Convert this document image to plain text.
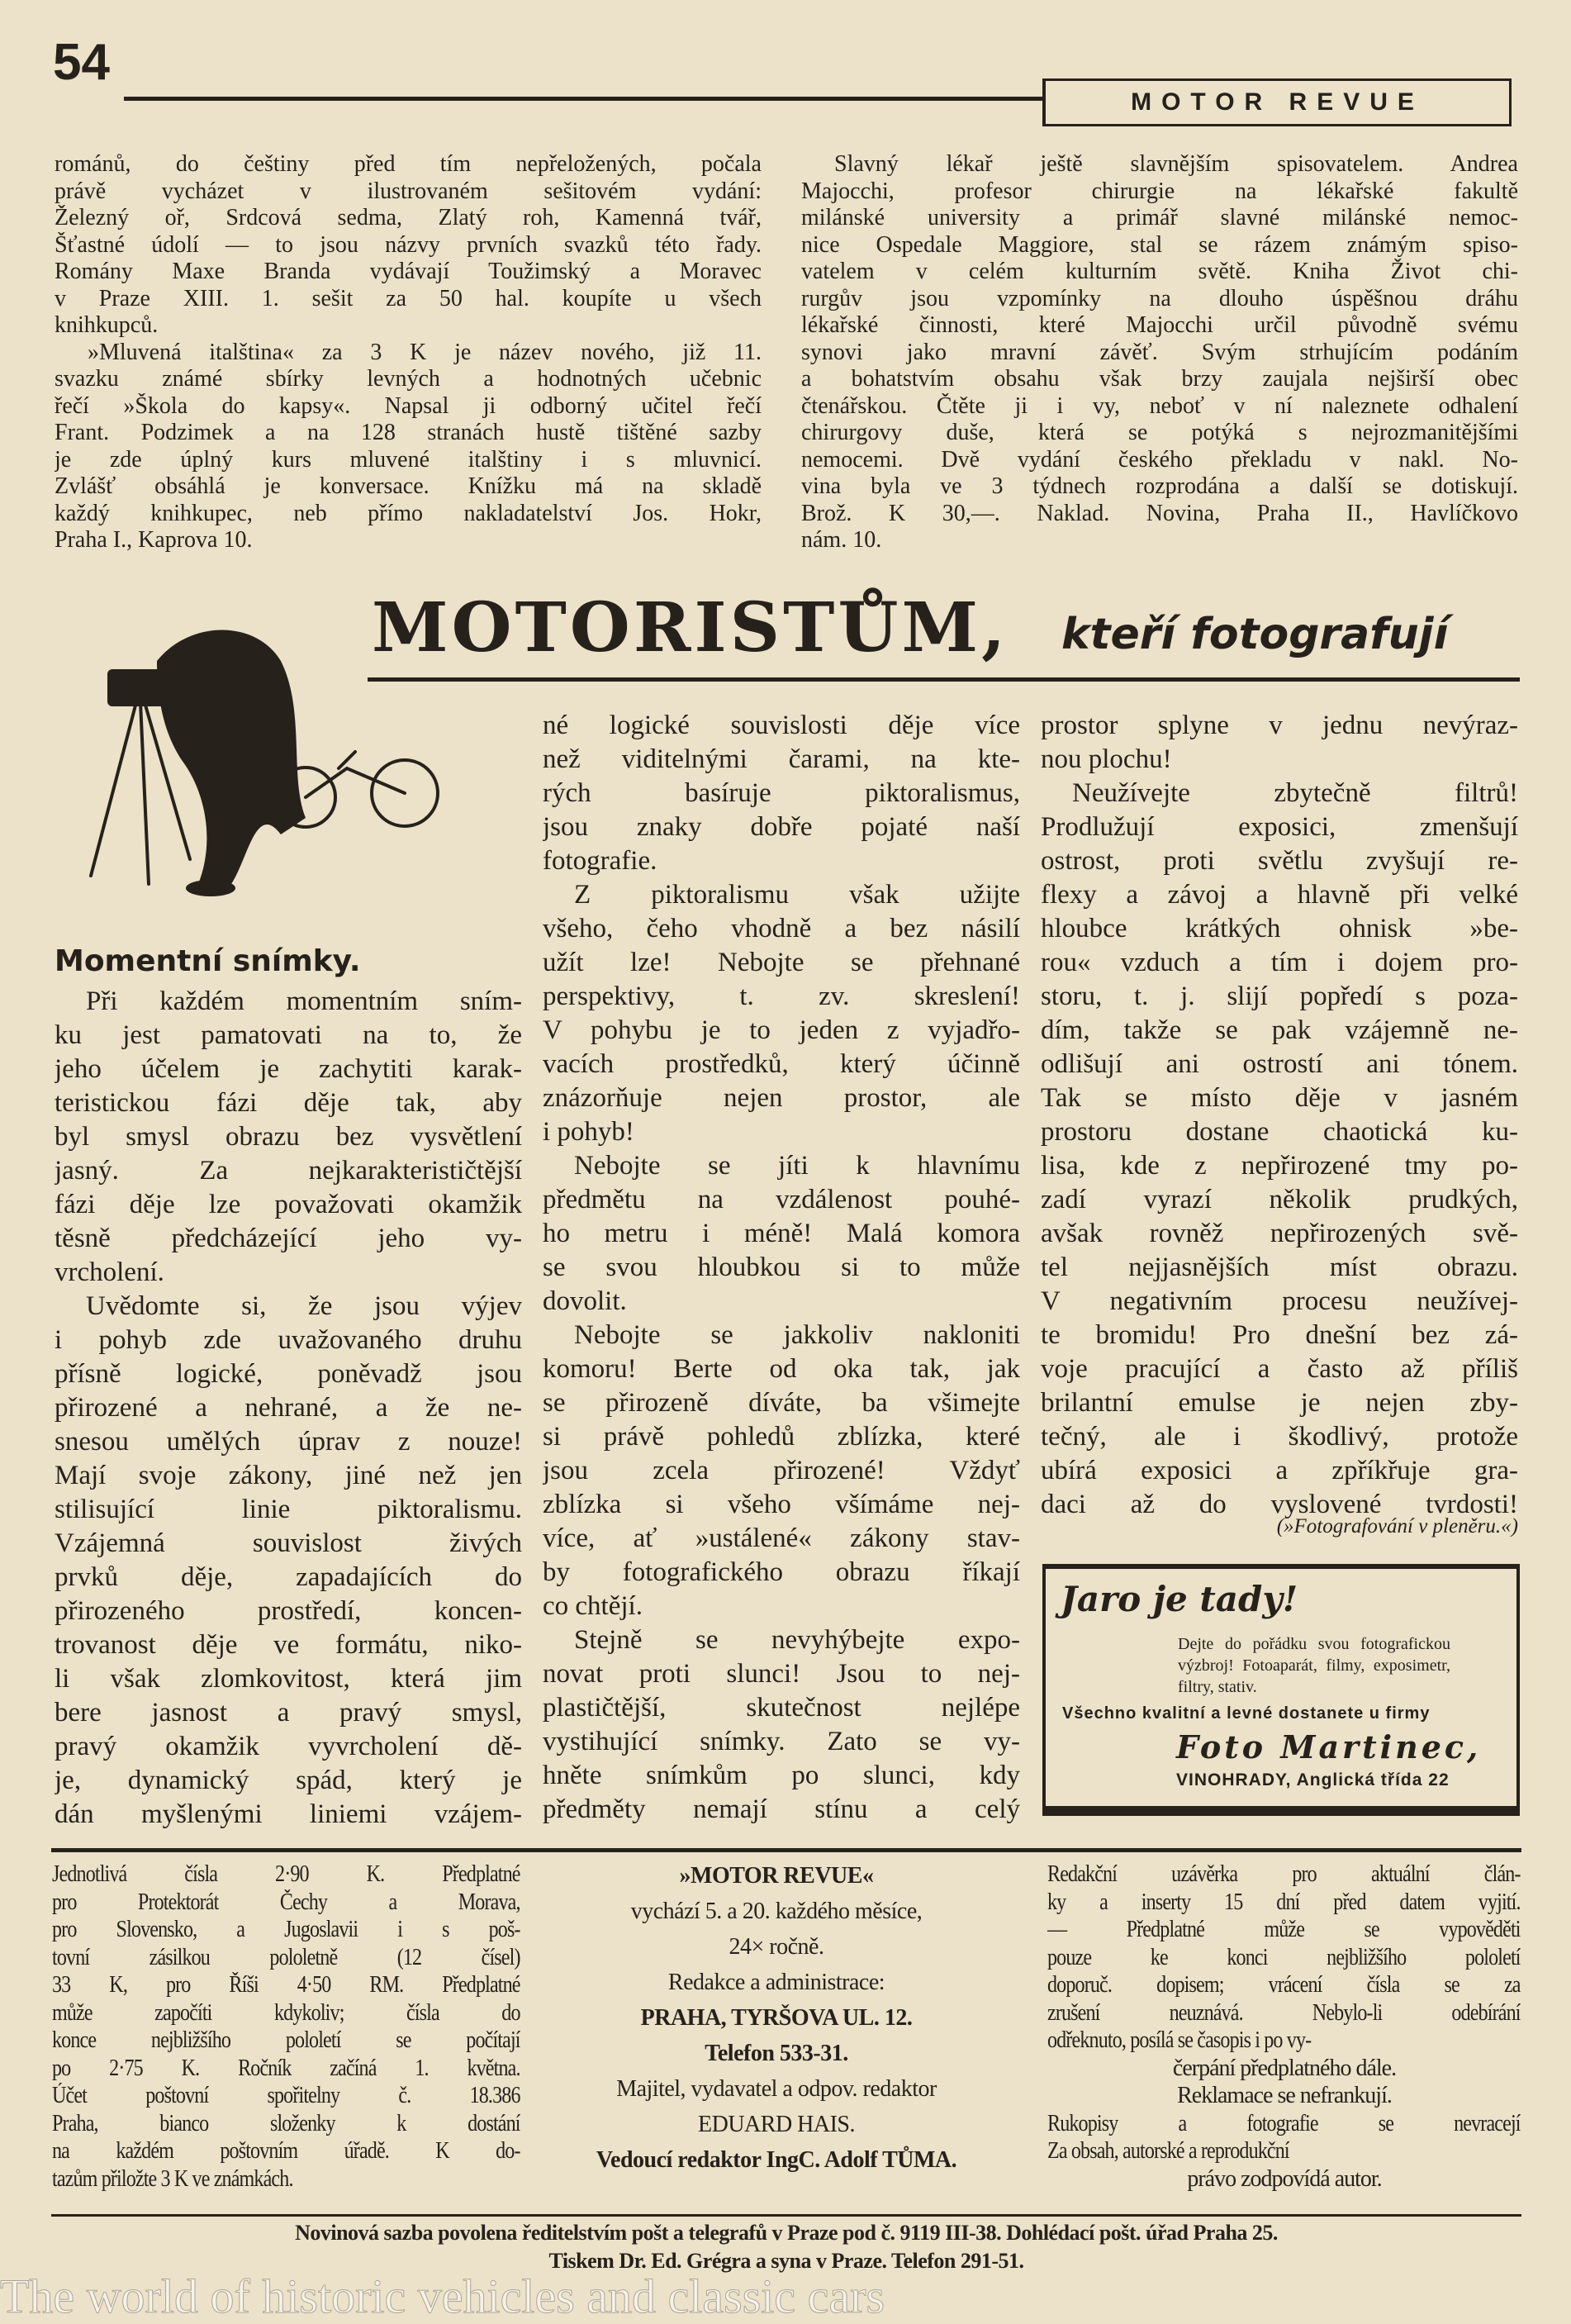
54
MOTOR REVUE
románů, do češtiny před tím nepřeložených, počala
právě vycházet v ilustrovaném sešitovém vydání:
Železný oř, Srdcová sedma, Zlatý roh, Kamenná tvář,
Šťastné údolí — to jsou názvy prvních svazků této řady.
Romány Maxe Branda vydávají Toužimský a Moravec
v Praze XIII. 1. sešit za 50 hal. koupíte u všech
knihkupců.
»Mluvená italština« za 3 K je název nového, již 11.
svazku známé sbírky levných a hodnotných učebnic
řečí »Škola do kapsy«. Napsal ji odborný učitel řečí
Frant. Podzimek a na 128 stranách hustě tištěné sazby
je zde úplný kurs mluvené italštiny i s mluvnicí.
Zvlášť obsáhlá je konversace. Knížku má na skladě
každý knihkupec, neb přímo nakladatelství Jos. Hokr,
Praha I., Kaprova 10.
Slavný lékař ještě slavnějším spisovatelem. Andrea
Majocchi, profesor chirurgie na lékařské fakultě
milánské university a primář slavné milánské nemoc-
nice Ospedale Maggiore, stal se rázem známým spiso-
vatelem v celém kulturním světě. Kniha Život chi-
rurgův jsou vzpomínky na dlouho úspěšnou dráhu
lékařské činnosti, které Majocchi určil původně svému
synovi jako mravní závěť. Svým strhujícím podáním
a bohatstvím obsahu však brzy zaujala nejširší obec
čtenářskou. Čtěte ji i vy, neboť v ní naleznete odhalení
chirurgovy duše, která se potýká s nejrozmanitějšími
nemocemi. Dvě vydání českého překladu v nakl. No-
vina byla ve 3 týdnech rozprodána a další se dotiskují.
Brož. K 30,—. Naklad. Novina, Praha II., Havlíčkovo
nám. 10.
MOTORISTŮM, kteří fotografují
Momentní snímky.
Při každém momentním sním-
ku jest pamatovati na to, že
jeho účelem je zachytiti karak-
teristickou fázi děje tak, aby
byl smysl obrazu bez vysvětlení
jasný. Za nejkarakterističtější
fázi děje lze považovati okamžik
těsně předcházející jeho vy-
vrcholení.
Uvědomte si, že jsou výjev
i pohyb zde uvažovaného druhu
přísně logické, poněvadž jsou
přirozené a nehrané, a že ne-
snesou umělých úprav z nouze!
Mají svoje zákony, jiné než jen
stilisující linie piktoralismu.
Vzájemná souvislost živých
prvků děje, zapadajících do
přirozeného prostředí, koncen-
trovanost děje ve formátu, niko-
li však zlomkovitost, která jim
bere jasnost a pravý smysl,
pravý okamžik vyvrcholení dě-
je, dynamický spád, který je
dán myšlenými liniemi vzájem-
né logické souvislosti děje více
než viditelnými čarami, na kte-
rých basíruje piktoralismus,
jsou znaky dobře pojaté naší
fotografie.
Z piktoralismu však užijte
všeho, čeho vhodně a bez násilí
užít lze! Nebojte se přehnané
perspektivy, t. zv. skreslení!
V pohybu je to jeden z vyjadřo-
vacích prostředků, který účinně
znázorňuje nejen prostor, ale
i pohyb!
Nebojte se jíti k hlavnímu
předmětu na vzdálenost pouhé-
ho metru i méně! Malá komora
se svou hloubkou si to může
dovolit.
Nebojte se jakkoliv nakloniti
komoru! Berte od oka tak, jak
se přirozeně díváte, ba všimejte
si právě pohledů zblízka, které
jsou zcela přirozené! Vždyť
zblízka si všeho všímáme nej-
více, ať »ustálené« zákony stav-
by fotografického obrazu říkají
co chtějí.
Stejně se nevyhýbejte expo-
novat proti slunci! Jsou to nej-
plastičtější, skutečnost nejlépe
vystihující snímky. Zato se vy-
hněte snímkům po slunci, kdy
předměty nemají stínu a celý
prostor splyne v jednu nevýraz-
nou plochu!
Neužívejte zbytečně filtrů!
Prodlužují exposici, zmenšují
ostrost, proti světlu zvyšují re-
flexy a závoj a hlavně při velké
hloubce krátkých ohnisk »be-
rou« vzduch a tím i dojem pro-
storu, t. j. slijí popředí s poza-
dím, takže se pak vzájemně ne-
odlišují ani ostrostí ani tónem.
Tak se místo děje v jasném
prostoru dostane chaotická ku-
lisa, kde z nepřirozené tmy po-
zadí vyrazí několik prudkých,
avšak rovněž nepřirozených svě-
tel nejjasnějších míst obrazu.
V negativním procesu neužívej-
te bromidu! Pro dnešní bez zá-
voje pracující a často až příliš
brilantní emulse je nejen zby-
tečný, ale i škodlivý, protože
ubírá exposici a zpříkřuje gra-
daci až do vyslovené tvrdosti!
(»Fotografování v pleněru.«)
Jaro je tady!
Dejte do pořádku svou fotografickou výzbroj! Fotoaparát, filmy, exposimetr, filtry, stativ.
Všechno kvalitní a levné dostanete u firmy
Foto Martinec,
VINOHRADY, Anglická třída 22
Jednotlivá čísla 2·90 K. Předplatné
pro Protektorát Čechy a Morava,
pro Slovensko, a Jugoslavii i s poš-
tovní zásilkou pololetně (12 čísel)
33 K, pro Říši 4·50 RM. Předplatné
může započíti kdykoliv; čísla do
konce nejbližšího pololetí se počítají
po 2·75 K. Ročník začíná 1. května.
Účet poštovní spořitelny č. 18.386
Praha, bianco složenky k dostání
na každém poštovním úřadě. K do-
tazům přiložte 3 K ve známkách.
»MOTOR REVUE«
vychází 5. a 20. každého měsíce,
24× ročně.
Redakce a administrace:
PRAHA, TYRŠOVA UL. 12.
Telefon 533-31.
Majitel, vydavatel a odpov. redaktor
EDUARD HAIS.
Vedoucí redaktor IngC. Adolf TŮMA.
Redakční uzávěrka pro aktuální člán-
ky a inserty 15 dní před datem vyjití.
— Předplatné může se vypověděti
pouze ke konci nejbližšího pololetí
doporuč. dopisem; vrácení čísla se za
zrušení neuznává. Nebylo-li odebírání
odřeknuto, posílá se časopis i po vy-
čerpání předplatného dále.
Reklamace se nefrankují.
Rukopisy a fotografie se nevracejí
Za obsah, autorské a reprodukční
právo zodpovídá autor.
Novinová sazba povolena ředitelstvím pošt a telegrafů v Praze pod č. 9119 III-38. Dohlédací pošt. úřad Praha 25.
Tiskem Dr. Ed. Grégra a syna v Praze. Telefon 291-51.
The world of historic vehicles and classic cars
